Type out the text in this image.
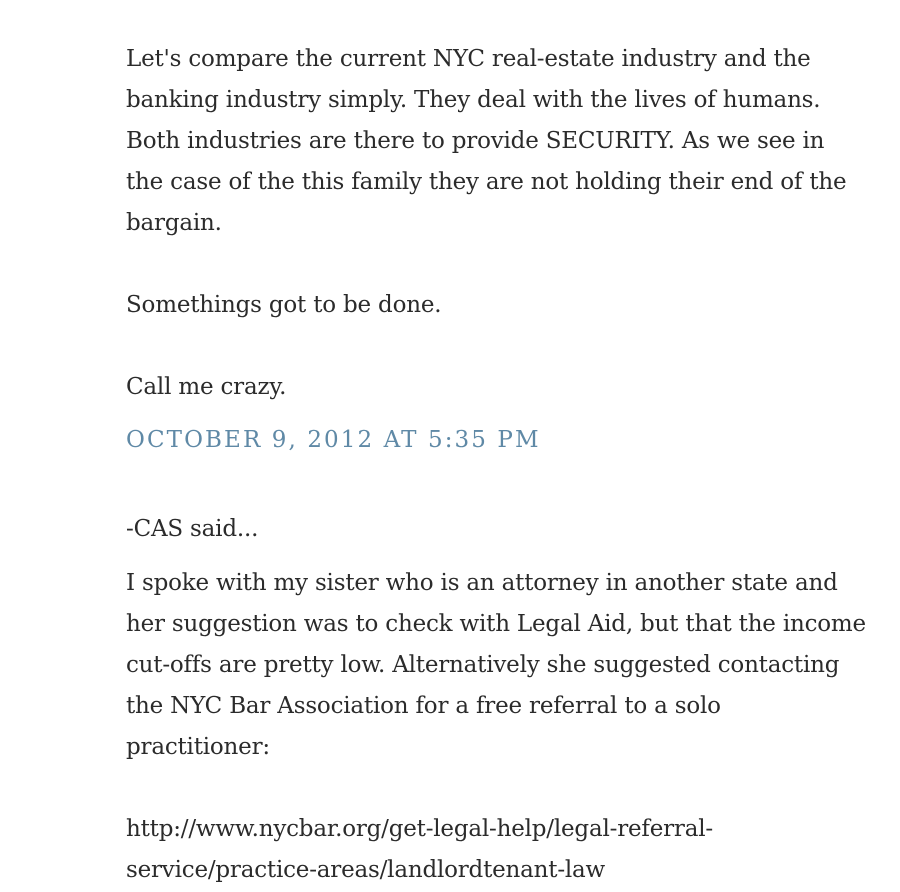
Let's compare the current NYC real-estate industry and the
banking industry simply. They deal with the lives of humans.
Both industries are there to provide SECURITY. As we see in
the case of the this family they are not holding their end of the
bargain.

Somethings got to be done.

Call me crazy.

OCTOBER 9, 2012 AT 5:35 PM
-CAS said...

I spoke with my sister who is an attorney in another state and
her suggestion was to check with Legal Aid, but that the income
cut-offs are pretty low. Alternatively she suggested contacting
the NYC Bar Association for a free referral to a solo
practitioner:

http://www.nycbar.org/get-legal-help/legal-referral-
service/practice-areas/landlordtenant-law
